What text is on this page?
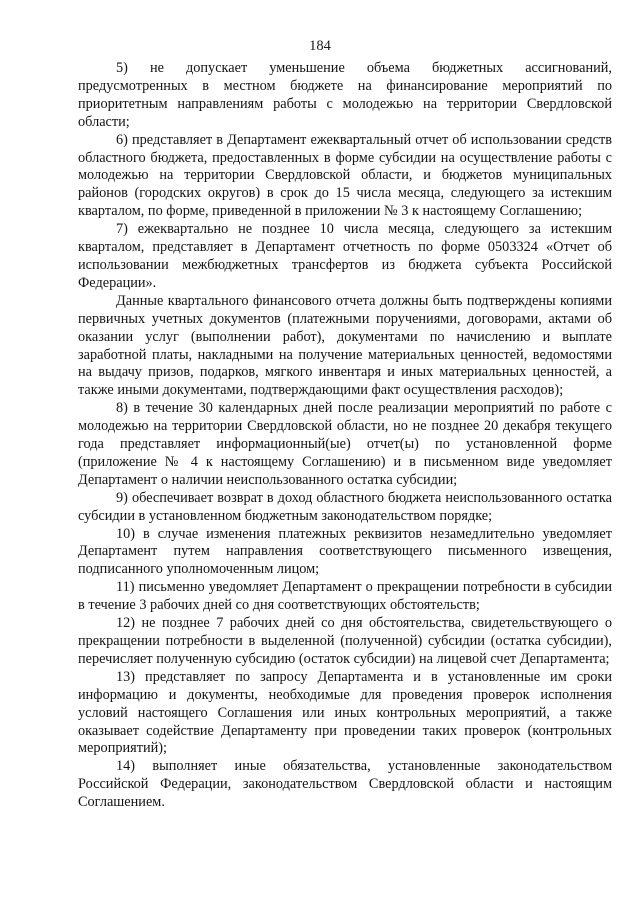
184

5) не допускает уменьшение объема бюджетных ассигнований, предусмотренных в местном бюджете на финансирование мероприятий по приоритетным направлениям работы с молодежью на территории Свердловской области;

6) представляет в Департамент ежеквартальный отчет об использовании средств областного бюджета, предоставленных в форме субсидии на осуществление работы с молодежью на территории Свердловской области, и бюджетов муниципальных районов (городских округов) в срок до 15 числа месяца, следующего за истекшим кварталом, по форме, приведенной в приложении № 3 к настоящему Соглашению;

7) ежеквартально не позднее 10 числа месяца, следующего за истекшим кварталом, представляет в Департамент отчетность по форме 0503324 «Отчет об использовании межбюджетных трансфертов из бюджета субъекта Российской Федерации».

Данные квартального финансового отчета должны быть подтверждены копиями первичных учетных документов (платежными поручениями, договорами, актами об оказании услуг (выполнении работ), документами по начислению и выплате заработной платы, накладными на получение материальных ценностей, ведомостями на выдачу призов, подарков, мягкого инвентаря и иных материальных ценностей, а также иными документами, подтверждающими факт осуществления расходов);

8) в течение 30 календарных дней после реализации мероприятий по работе с молодежью на территории Свердловской области, но не позднее 20 декабря текущего года представляет информационный(ые) отчет(ы) по установленной форме (приложение № 4 к настоящему Соглашению) и в письменном виде уведомляет Департамент о наличии неиспользованного остатка субсидии;

9) обеспечивает возврат в доход областного бюджета неиспользованного остатка субсидии в установленном бюджетным законодательством порядке;

10) в случае изменения платежных реквизитов незамедлительно уведомляет Департамент путем направления соответствующего письменного извещения, подписанного уполномоченным лицом;

11) письменно уведомляет Департамент о прекращении потребности в субсидии в течение 3 рабочих дней со дня соответствующих обстоятельств;

12) не позднее 7 рабочих дней со дня обстоятельства, свидетельствующего о прекращении потребности в выделенной (полученной) субсидии (остатка субсидии), перечисляет полученную субсидию (остаток субсидии) на лицевой счет Департамента;

13) представляет по запросу Департамента и в установленные им сроки информацию и документы, необходимые для проведения проверок исполнения условий настоящего Соглашения или иных контрольных мероприятий, а также оказывает содействие Департаменту при проведении таких проверок (контрольных мероприятий);

14) выполняет иные обязательства, установленные законодательством Российской Федерации, законодательством Свердловской области и настоящим Соглашением.
